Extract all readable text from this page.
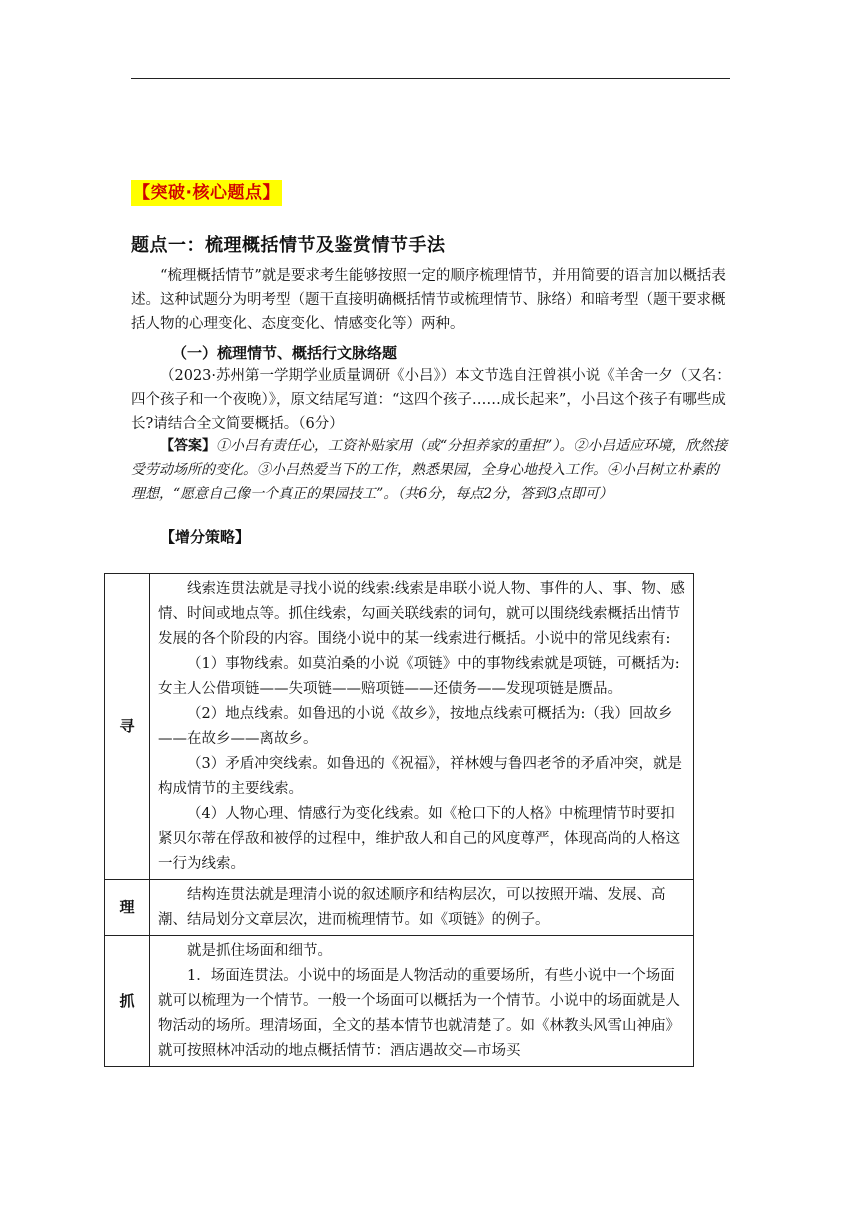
【突破·核心题点】
题点一：梳理概括情节及鉴赏情节手法

“梳理概括情节”就是要求考生能够按照一定的顺序梳理情节，并用简要的语言加以概括表述。这种试题分为明考型（题干直接明确概括情节或梳理情节、脉络）和暗考型（题干要求概括人物的心理变化、态度变化、情感变化等）两种。

（一）梳理情节、概括行文脉络题

（2023·苏州第一学期学业质量调研《小吕》）本文节选自汪曾祺小说《羊舍一夕（又名：四个孩子和一个夜晚）》，原文结尾写道：“这四个孩子……成长起来”，小吕这个孩子有哪些成长?请结合全文简要概括。（6分）

【答案】①小吕有责任心，工资补贴家用（或“分担养家的重担”）。②小吕适应环境，欣然接受劳动场所的变化。③小吕热爱当下的工作，熟悉果园，全身心地投入工作。④小吕树立朴素的理想，“愿意自己像一个真正的果园技工”。（共6分，每点2分，答到3点即可）

【增分策略】
寻	线索连贯法就是寻找小说的线索:线索是串联小说人物、事件的人、事、物、感情、时间或地点等。抓住线索，勾画关联线索的词句，就可以围绕线索概括出情节发展的各个阶段的内容。围绕小说中的某一线索进行概括。小说中的常见线索有:

（1）事物线索。如莫泊桑的小说《项链》中的事物线索就是项链，可概括为:女主人公借项链——失项链——赔项链——还债务——发现项链是赝品。

（2）地点线索。如鲁迅的小说《故乡》，按地点线索可概括为:（我）回故乡——在故乡——离故乡。

（3）矛盾冲突线索。如鲁迅的《祝福》，祥林嫂与鲁四老爷的矛盾冲突，就是构成情节的主要线索。

（4）人物心理、情感行为变化线索。如《枪口下的人格》中梳理情节时要扣紧贝尔蒂在俘敌和被俘的过程中，维护敌人和自己的风度尊严，体现高尚的人格这一行为线索。

理	结构连贯法就是理清小说的叙述顺序和结构层次，可以按照开端、发展、高潮、结局划分文章层次，进而梳理情节。如《项链》的例子。

抓	就是抓住场面和细节。

1．场面连贯法。小说中的场面是人物活动的重要场所，有些小说中一个场面就可以梳理为一个情节。一般一个场面可以概括为一个情节。小说中的场面就是人物活动的场所。理清场面，全文的基本情节也就清楚了。如《林教头风雪山神庙》就可按照林冲活动的地点概括情节：酒店遇故交—市场买
